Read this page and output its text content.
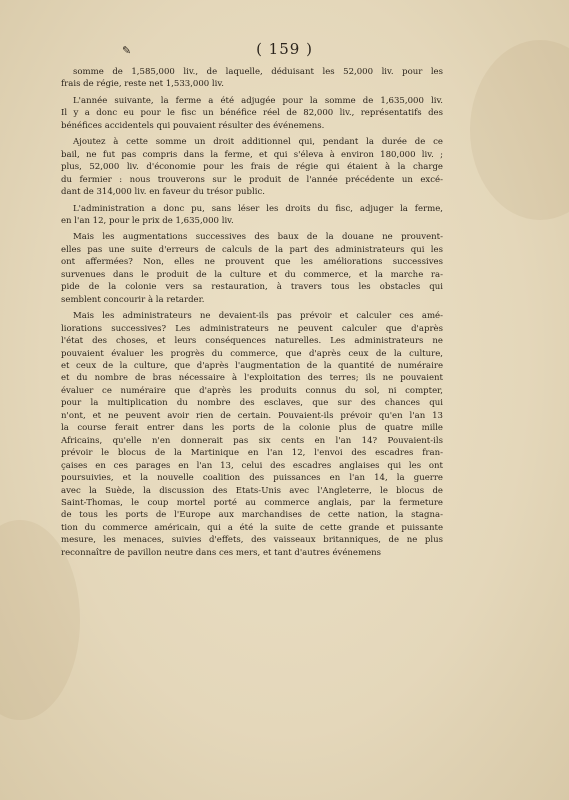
✎	( 159 )
somme de 1,585,000 liv., de laquelle, déduisant les 52,000 liv. pour les
frais de régie, reste net 1,533,000 liv.
L'année suivante, la ferme a été adjugée pour la somme de 1,635,000 liv.
Il y a donc eu pour le fisc un bénéfice réel de 82,000 liv., représentatifs des
bénéfices accidentels qui pouvaient résulter des événemens.
Ajoutez à cette somme un droit additionnel qui, pendant la durée de ce
bail, ne fut pas compris dans la ferme, et qui s'éleva à environ 180,000 liv. ;
plus, 52,000 liv. d'économie pour les frais de régie qui étaient à la charge
du fermier : nous trouverons sur le produit de l'année précédente un excé-
dant de 314,000 liv. en faveur du trésor public.
L'administration a donc pu, sans léser les droits du fisc, adjuger la ferme,
en l'an 12, pour le prix de 1,635,000 liv.
Mais les augmentations successives des baux de la douane ne prouvent-
elles pas une suite d'erreurs de calculs de la part des administrateurs qui les
ont affermées? Non, elles ne prouvent que les améliorations successives
survenues dans le produit de la culture et du commerce, et la marche ra-
pide de la colonie vers sa restauration, à travers tous les obstacles qui
semblent concourir à la retarder.
Mais les administrateurs ne devaient-ils pas prévoir et calculer ces amé-
liorations successives? Les administrateurs ne peuvent calculer que d'après
l'état des choses, et leurs conséquences naturelles. Les administrateurs ne
pouvaient évaluer les progrès du commerce, que d'après ceux de la culture,
et ceux de la culture, que d'après l'augmentation de la quantité de numéraire
et du nombre de bras nécessaire à l'exploitation des terres; ils ne pouvaient
évaluer ce numéraire que d'après les produits connus du sol, ni compter,
pour la multiplication du nombre des esclaves, que sur des chances qui
n'ont, et ne peuvent avoir rien de certain. Pouvaient-ils prévoir qu'en l'an 13
la course ferait entrer dans les ports de la colonie plus de quatre mille
Africains, qu'elle n'en donnerait pas six cents en l'an 14? Pouvaient-ils
prévoir le blocus de la Martinique en l'an 12, l'envoi des escadres fran-
çaises en ces parages en l'an 13, celui des escadres anglaises qui les ont
poursuivies, et la nouvelle coalition des puissances en l'an 14, la guerre
avec la Suède, la discussion des Etats-Unis avec l'Angleterre, le blocus de
Saint-Thomas, le coup mortel porté au commerce anglais, par la fermeture
de tous les ports de l'Europe aux marchandises de cette nation, la stagna-
tion du commerce américain, qui a été la suite de cette grande et puissante
mesure, les menaces, suivies d'effets, des vaisseaux britanniques, de ne plus
reconnaître de pavillon neutre dans ces mers, et tant d'autres événemens
